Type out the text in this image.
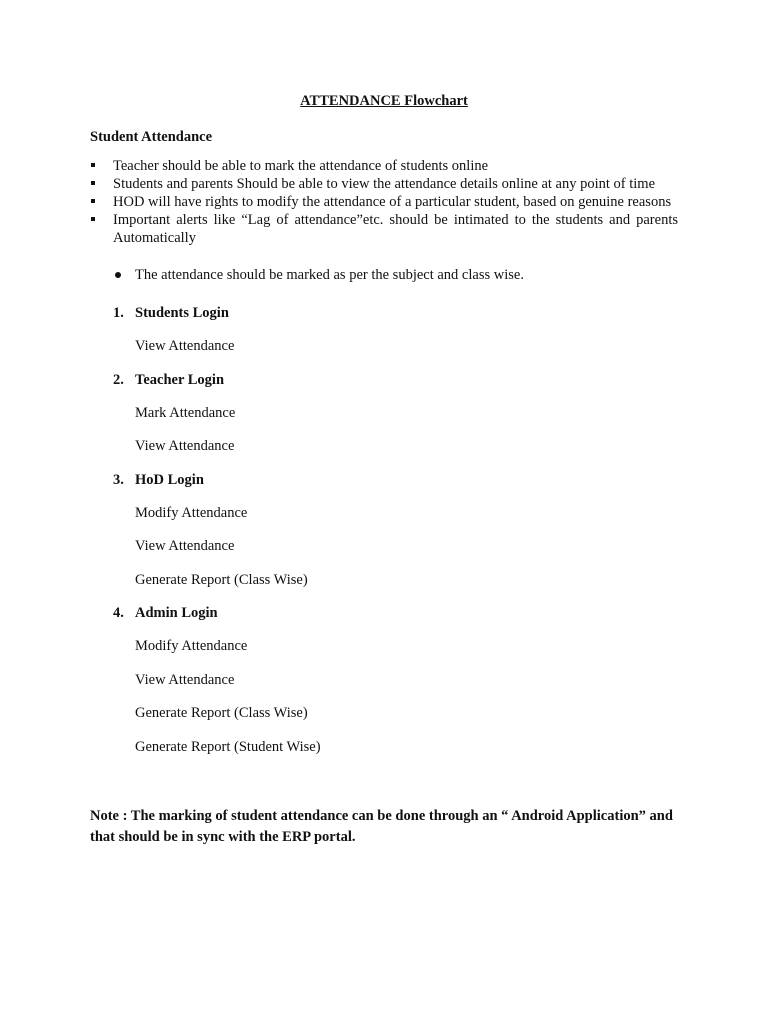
ATTENDANCE Flowchart
Student Attendance
Teacher should be able to mark the attendance of students online
Students and parents Should be able to view the attendance details online at any point of time
HOD will have rights to modify the attendance of a particular student, based on genuine reasons
Important alerts like “Lag of attendance”etc. should be intimated to the students and parents Automatically
The attendance should be marked as per the subject and class wise.
1. Students Login
View Attendance
2. Teacher Login
Mark Attendance
View Attendance
3. HoD Login
Modify Attendance
View Attendance
Generate Report (Class Wise)
4. Admin Login
Modify Attendance
View Attendance
Generate Report (Class Wise)
Generate Report (Student Wise)
Note : The marking of student attendance can be done through an “ Android Application” and that should be in sync with the ERP portal.
